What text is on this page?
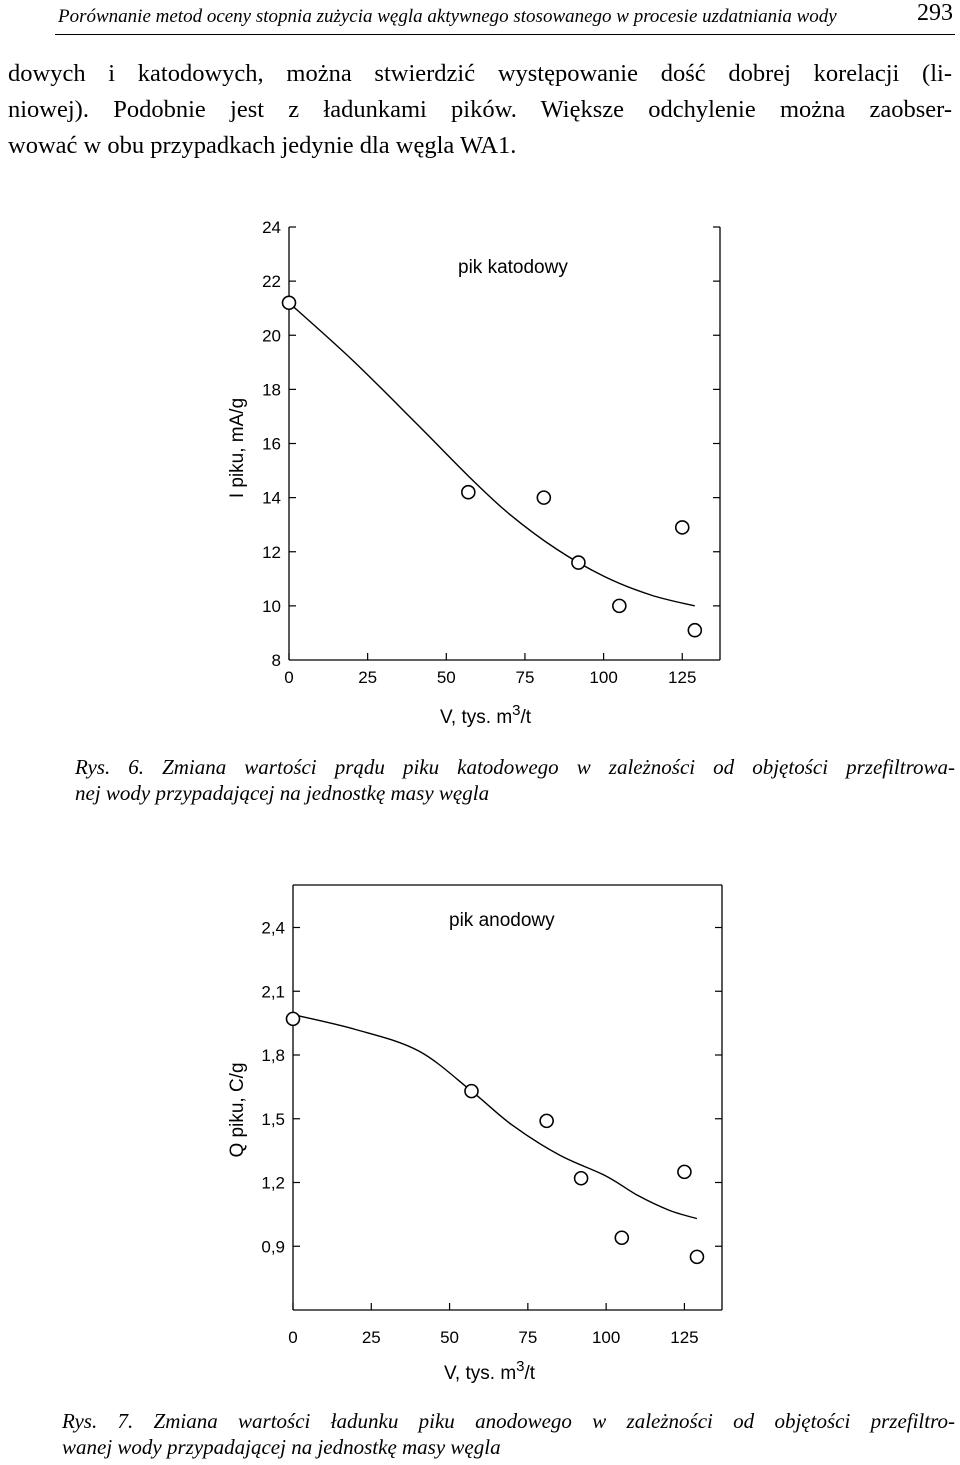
Porównanie metod oceny stopnia zużycia węgla aktywnego stosowanego w procesie uzdatniania wody	293
dowych i katodowych, można stwierdzić występowanie dość dobrej korelacji (li-
niowej). Podobnie jest z ładunkami pików. Większe odchylenie można zaobser-
wować w obu przypadkach jedynie dla węgla WA1.
8
10
12
14
16
18
20
22
24
0	25	50	75	100	125
pik katodowy
V, tys. $m^3/t$
I piku, mA/g
Rys. 6. Zmiana wartości prądu piku katodowego w zależności od objętości przefiltrowa-
nej wody przypadającej na jednostkę masy węgla
0,9
1,2
1,5
1,8
2,1
2,4
0	25	50	75	100	125
pik anodowy
V, tys. $m^3/t$
Q piku, C/g
Rys. 7. Zmiana wartości ładunku piku anodowego w zależności od objętości przefiltro-
wanej wody przypadającej na jednostkę masy węgla
